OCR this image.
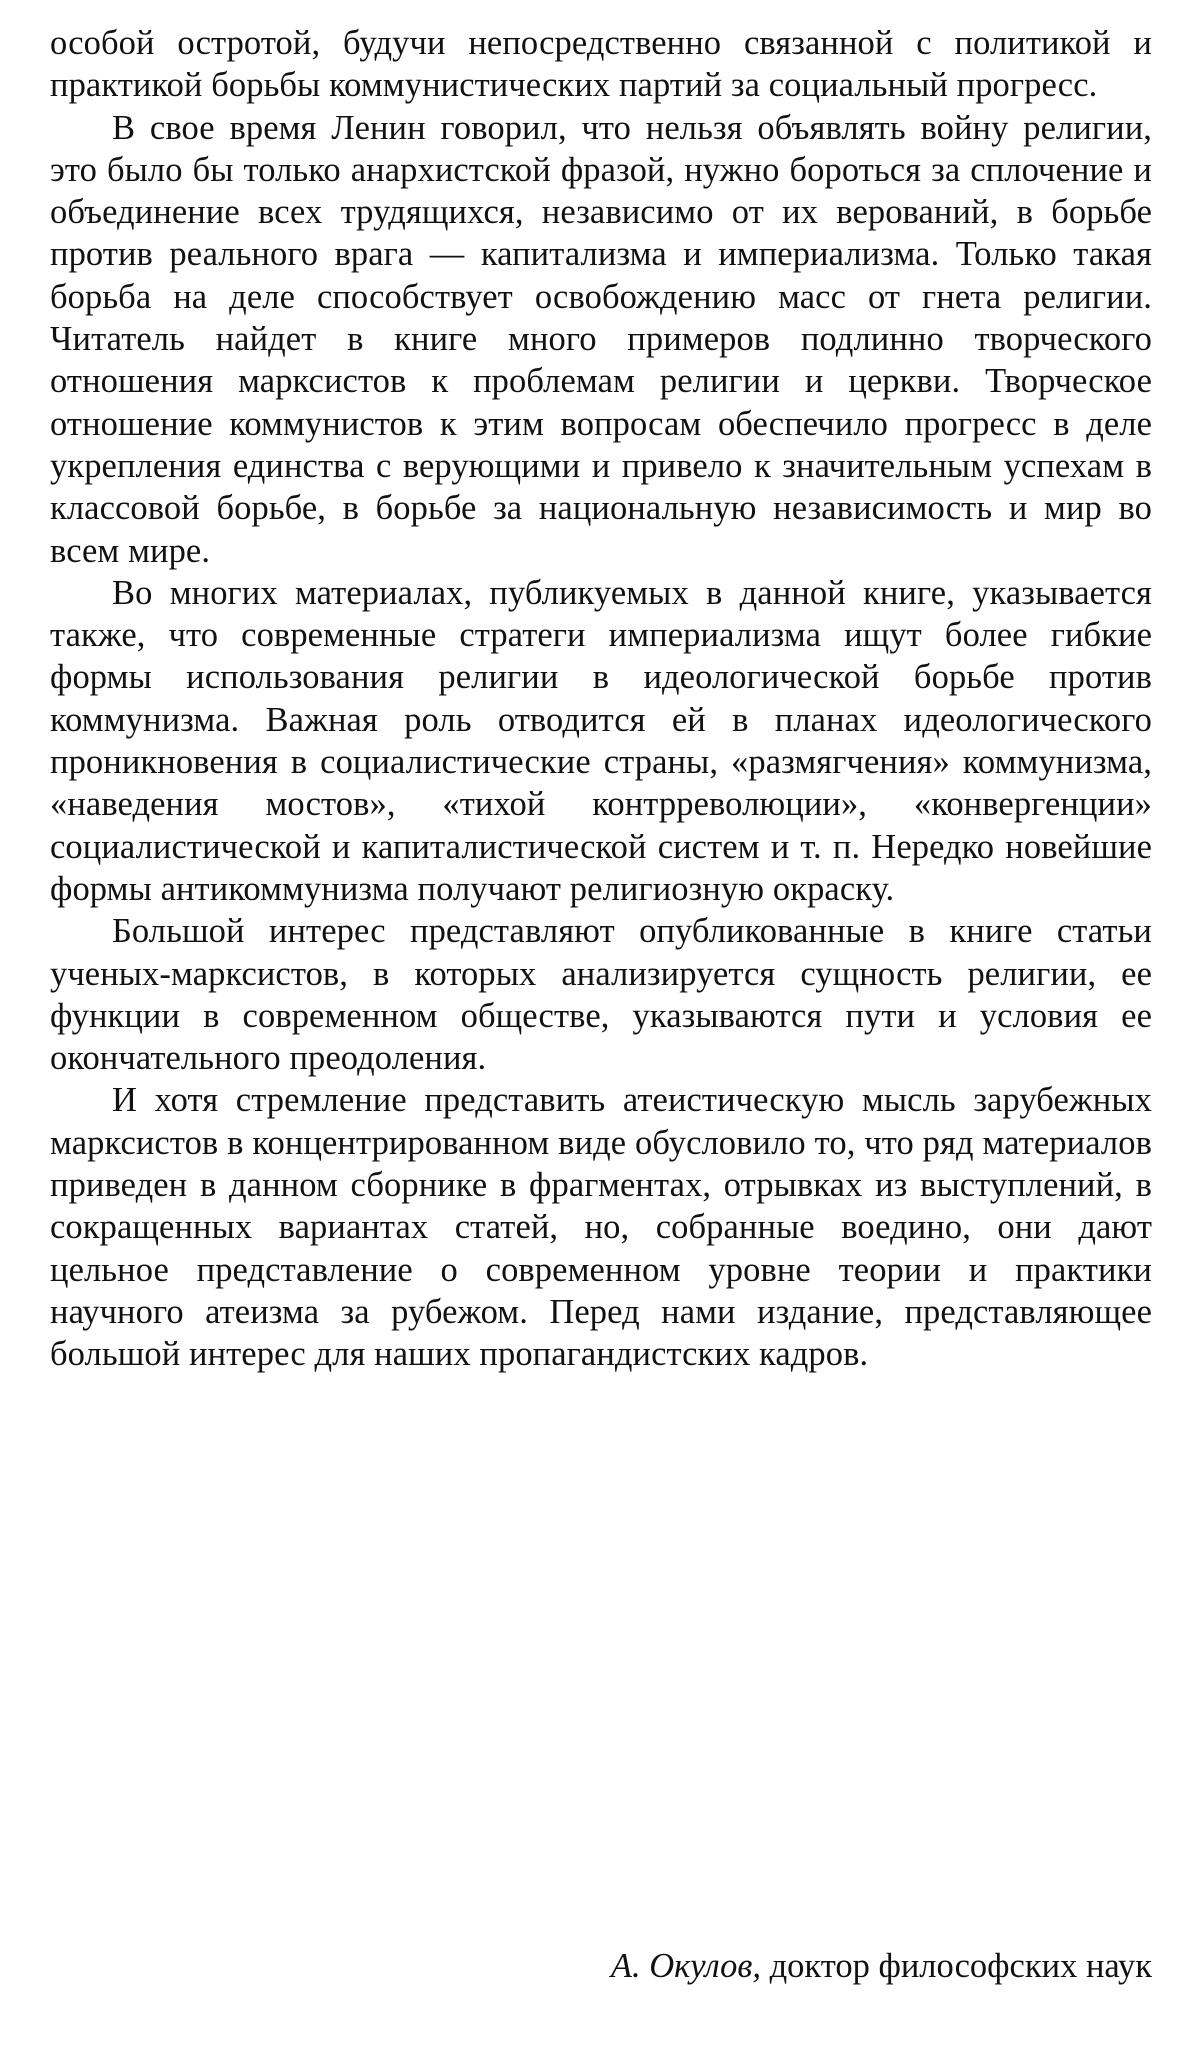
особой остротой, будучи непосредственно связанной с политикой и практикой борьбы коммунистических партий за социальный прогресс.

В свое время Ленин говорил, что нельзя объявлять войну религии, это было бы только анархистской фразой, нужно бороться за сплочение и объединение всех трудящихся, независимо от их верований, в борьбе против реального врага — капитализма и империализма. Только такая борьба на деле способствует освобождению масс от гнета религии. Читатель найдет в книге много примеров подлинно творческого отношения марксистов к проблемам религии и церкви. Творческое отношение коммунистов к этим вопросам обеспечило прогресс в деле укрепления единства с верующими и привело к значительным успехам в классовой борьбе, в борьбе за национальную независимость и мир во всем мире.

Во многих материалах, публикуемых в данной книге, указывается также, что современные стратеги империализма ищут более гибкие формы использования религии в идеологической борьбе против коммунизма. Важная роль отводится ей в планах идеологического проникновения в социалистические страны, «размягчения» коммунизма, «наведения мостов», «тихой контрреволюции», «конвергенции» социалистической и капиталистической систем и т. п. Нередко новейшие формы антикоммунизма получают религиозную окраску.

Большой интерес представляют опубликованные в книге статьи ученых-марксистов, в которых анализируется сущность религии, ее функции в современном обществе, указываются пути и условия ее окончательного преодоления.

И хотя стремление представить атеистическую мысль зарубежных марксистов в концентрированном виде обусловило то, что ряд материалов приведен в данном сборнике в фрагментах, отрывках из выступлений, в сокращенных вариантах статей, но, собранные воедино, они дают цельное представление о современном уровне теории и практики научного атеизма за рубежом. Перед нами издание, представляющее большой интерес для наших пропагандистских кадров.

А. Окулов, доктор философских наук
